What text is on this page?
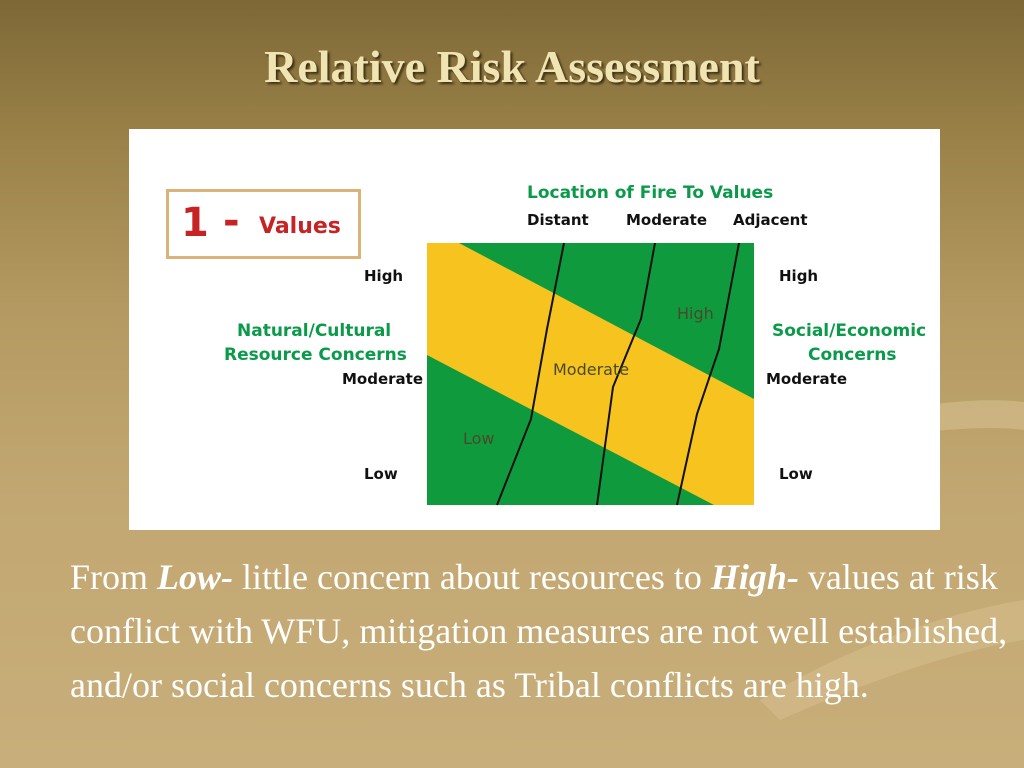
Relative Risk Assessment
1 - Values
Location of Fire To Values
Distant Moderate Adjacent
High
Natural/Cultural
Resource Concerns
Moderate
Low
High
Social/Economic
Concerns
Moderate
Low
High
Moderate
Low
From Low- little concern about resources to High- values at risk conflict with WFU, mitigation measures are not well established, and/or social concerns such as Tribal conflicts are high.
